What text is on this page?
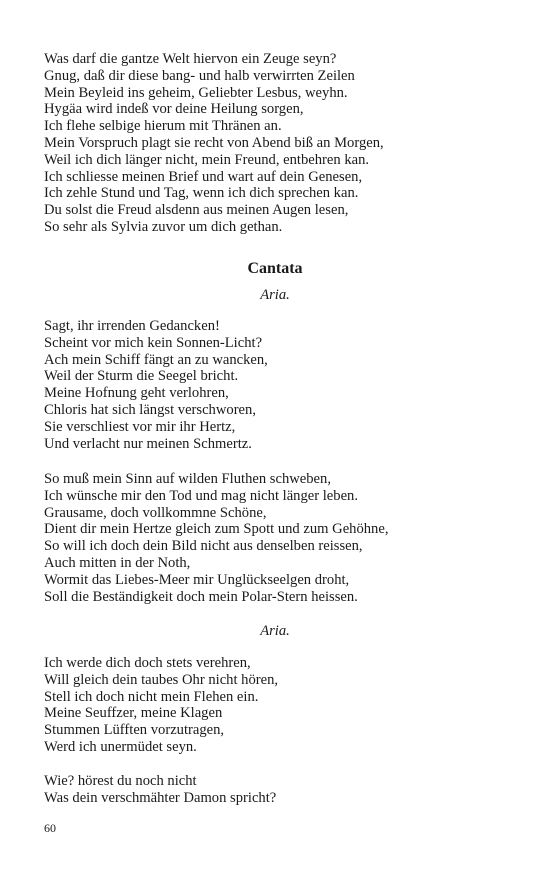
Was darf die gantze Welt hiervon ein Zeuge seyn?
Gnug, daß dir diese bang- und halb verwirrten Zeilen
Mein Beyleid ins geheim, Geliebter Lesbus, weyhn.
Hygäa wird indeß vor deine Heilung sorgen,
Ich flehe selbige hierum mit Thränen an.
Mein Vorspruch plagt sie recht von Abend biß an Morgen,
Weil ich dich länger nicht, mein Freund, entbehren kan.
Ich schliesse meinen Brief und wart auf dein Genesen,
Ich zehle Stund und Tag, wenn ich dich sprechen kan.
Du solst die Freud alsdenn aus meinen Augen lesen,
So sehr als Sylvia zuvor um dich gethan.
Cantata
Aria.
Sagt, ihr irrenden Gedancken!
Scheint vor mich kein Sonnen-Licht?
Ach mein Schiff fängt an zu wancken,
Weil der Sturm die Seegel bricht.
Meine Hofnung geht verlohren,
Chloris hat sich längst verschworen,
Sie verschliest vor mir ihr Hertz,
Und verlacht nur meinen Schmertz.
So muß mein Sinn auf wilden Fluthen schweben,
Ich wünsche mir den Tod und mag nicht länger leben.
Grausame, doch vollkommne Schöne,
Dient dir mein Hertze gleich zum Spott und zum Gehöhne,
So will ich doch dein Bild nicht aus denselben reissen,
Auch mitten in der Noth,
Wormit das Liebes-Meer mir Unglückseelgen droht,
Soll die Beständigkeit doch mein Polar-Stern heissen.
Aria.
Ich werde dich doch stets verehren,
Will gleich dein taubes Ohr nicht hören,
Stell ich doch nicht mein Flehen ein.
Meine Seuffzer, meine Klagen
Stummen Lüfften vorzutragen,
Werd ich unermüdet seyn.
Wie? hörest du noch nicht
Was dein verschmähter Damon spricht?
60
